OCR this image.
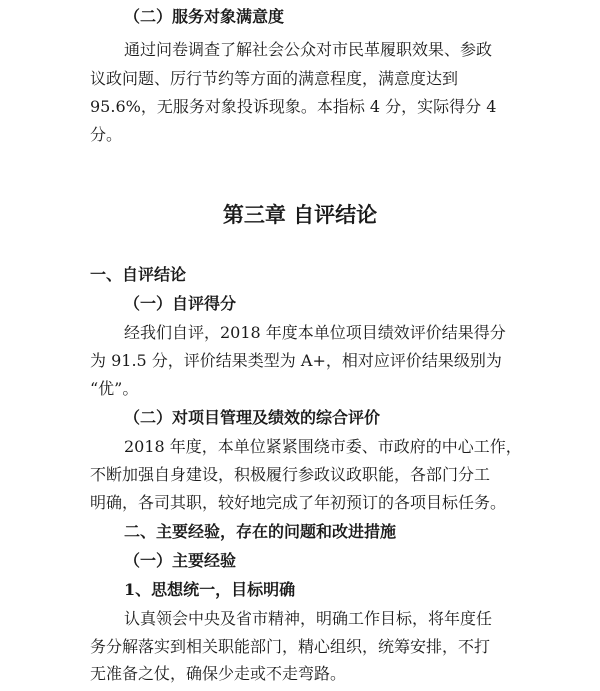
（二）服务对象满意度

通过问卷调查了解社会公众对市民革履职效果、参政

议政问题、厉行节约等方面的满意程度，满意度达到

95.6%，无服务对象投诉现象。本指标 4 分，实际得分 4

分。

第三章 自评结论

一、自评结论

（一）自评得分

经我们自评，2018 年度本单位项目绩效评价结果得分

为 91.5 分，评价结果类型为 A+，相对应评价结果级别为

“优”。

（二）对项目管理及绩效的综合评价

2018 年度，本单位紧紧围绕市委、市政府的中心工作，

不断加强自身建设，积极履行参政议政职能，各部门分工

明确，各司其职，较好地完成了年初预订的各项目标任务。

二、主要经验，存在的问题和改进措施

（一）主要经验

1、思想统一，目标明确

认真领会中央及省市精神，明确工作目标，将年度任

务分解落实到相关职能部门，精心组织，统筹安排，不打

无准备之仗，确保少走或不走弯路。
